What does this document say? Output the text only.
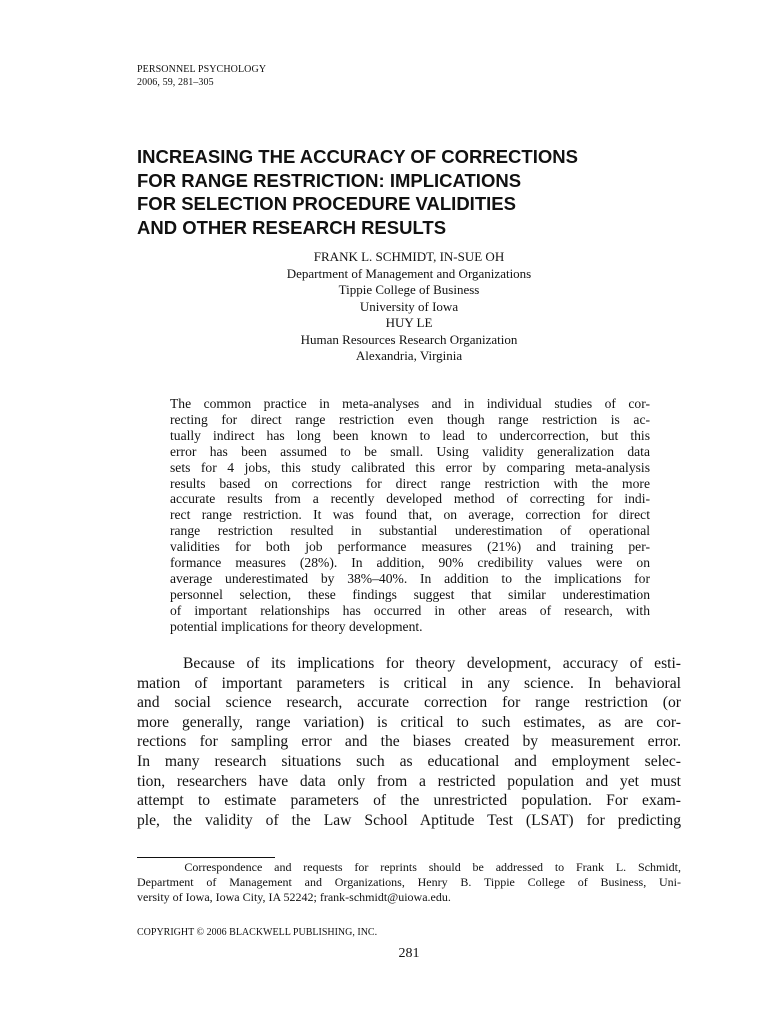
PERSONNEL PSYCHOLOGY
2006, 59, 281–305
INCREASING THE ACCURACY OF CORRECTIONS
FOR RANGE RESTRICTION: IMPLICATIONS
FOR SELECTION PROCEDURE VALIDITIES
AND OTHER RESEARCH RESULTS
FRANK L. SCHMIDT, IN-SUE OH
Department of Management and Organizations
Tippie College of Business
University of Iowa
HUY LE
Human Resources Research Organization
Alexandria, Virginia
The common practice in meta-analyses and in individual studies of cor-
recting for direct range restriction even though range restriction is ac-
tually indirect has long been known to lead to undercorrection, but this
error has been assumed to be small. Using validity generalization data
sets for 4 jobs, this study calibrated this error by comparing meta-analysis
results based on corrections for direct range restriction with the more
accurate results from a recently developed method of correcting for indi-
rect range restriction. It was found that, on average, correction for direct
range restriction resulted in substantial underestimation of operational
validities for both job performance measures (21%) and training per-
formance measures (28%). In addition, 90% credibility values were on
average underestimated by 38%–40%. In addition to the implications for
personnel selection, these findings suggest that similar underestimation
of important relationships has occurred in other areas of research, with
potential implications for theory development.
Because of its implications for theory development, accuracy of esti-
mation of important parameters is critical in any science. In behavioral
and social science research, accurate correction for range restriction (or
more generally, range variation) is critical to such estimates, as are cor-
rections for sampling error and the biases created by measurement error.
In many research situations such as educational and employment selec-
tion, researchers have data only from a restricted population and yet must
attempt to estimate parameters of the unrestricted population. For exam-
ple, the validity of the Law School Aptitude Test (LSAT) for predicting
Correspondence and requests for reprints should be addressed to Frank L. Schmidt,
Department of Management and Organizations, Henry B. Tippie College of Business, Uni-
versity of Iowa, Iowa City, IA 52242; frank-schmidt@uiowa.edu.
COPYRIGHT © 2006 BLACKWELL PUBLISHING, INC.
281
